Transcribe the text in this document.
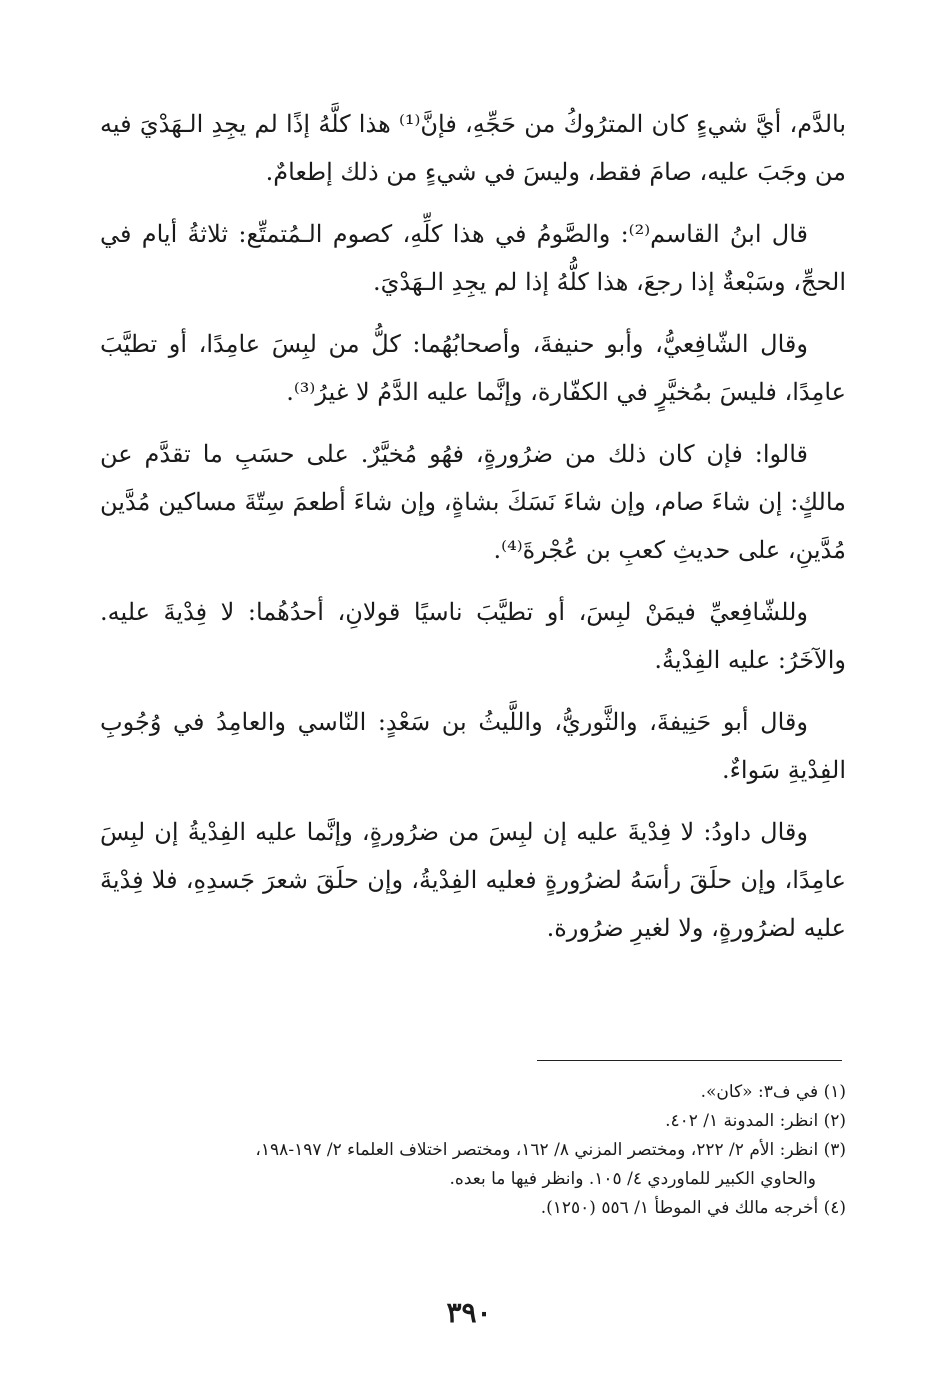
بالدَّم، أيَّ شيءٍ كان المترُوكُ من حَجِّهِ، فإنَّ⁽¹⁾ هذا كلَّهُ إذًا لم يجِدِ الـهَدْيَ فيه من وجَبَ عليه، صامَ فقط، وليسَ في شيءٍ من ذلك إطعامٌ.

قال ابنُ القاسم⁽²⁾: والصَّومُ في هذا كلِّهِ، كصوم الـمُتمتِّع: ثلاثةُ أيام في الحجِّ، وسَبْعةٌ إذا رجعَ، هذا كلُّهُ إذا لم يجِدِ الـهَدْيَ.

وقال الشّافِعيُّ، وأبو حنيفةَ، وأصحابُهُما: كلُّ من لبِسَ عامِدًا، أو تطيَّبَ عامِدًا، فليسَ بمُخيَّرٍ في الكفّارة، وإنَّما عليه الدَّمُ لا غيرُ⁽³⁾.

قالوا: فإن كان ذلك من ضرُورةٍ، فهُو مُخيَّرٌ. على حسَبِ ما تقدَّم عن مالكٍ: إن شاءَ صام، وإن شاءَ نَسَكَ بشاةٍ، وإن شاءَ أطعمَ سِتّةَ مساكين مُدَّين مُدَّينِ، على حديثِ كعبِ بن عُجْرةَ⁽⁴⁾.

وللشّافِعيِّ فيمَنْ لبِسَ، أو تطيَّبَ ناسيًا قولانِ، أحدُهُما: لا فِدْيةَ عليه. والآخَرُ: عليه الفِدْيةُ.

وقال أبو حَنِيفةَ، والثَّوريُّ، واللَّيثُ بن سَعْدٍ: النّاسي والعامِدُ في وُجُوبِ الفِدْيةِ سَواءٌ.

وقال داودُ: لا فِدْيةَ عليه إن لبِسَ من ضرُورةٍ، وإنَّما عليه الفِدْيةُ إن لبِسَ عامِدًا، وإن حلَقَ رأسَهُ لضرُورةٍ فعليه الفِدْيةُ، وإن حلَقَ شعرَ جَسدِهِ، فلا فِدْيةَ عليه لضرُورةٍ، ولا لغيرِ ضرُورة.

(١) في ف٣: «كان».

(٢) انظر: المدونة ١/ ٤٠٢.

(٣) انظر: الأم ٢/ ٢٢٢، ومختصر المزني ٨/ ١٦٢، ومختصر اختلاف العلماء ٢/ ١٩٧-١٩٨،

والحاوي الكبير للماوردي ٤/ ١٠٥. وانظر فيها ما بعده.

(٤) أخرجه مالك في الموطأ ١/ ٥٥٦ (١٢٥٠).

٣٩٠
